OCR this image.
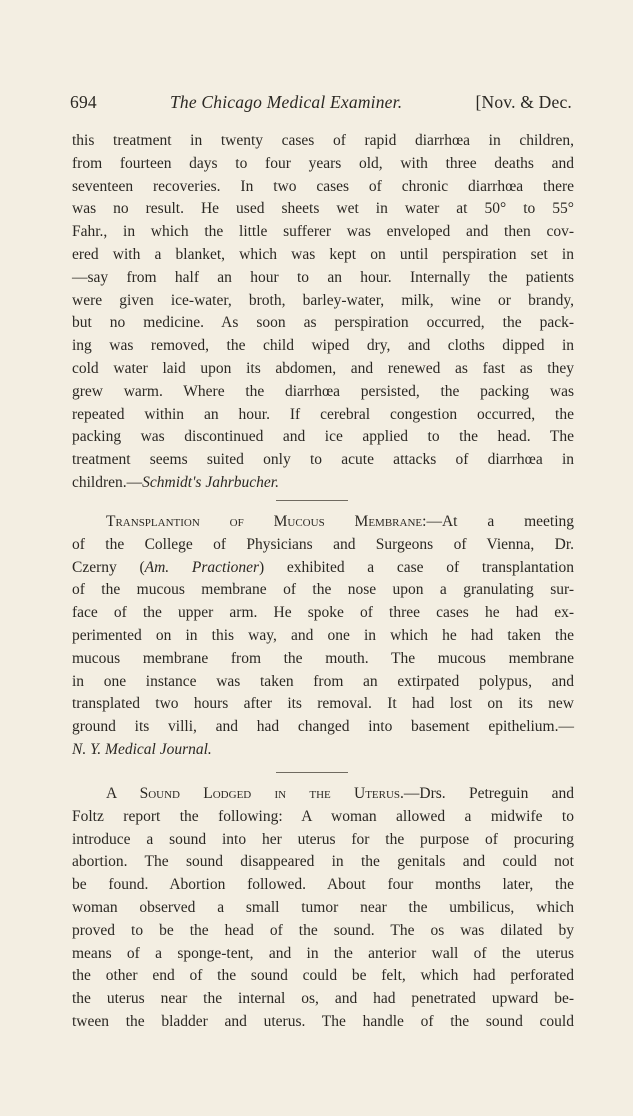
694	The Chicago Medical Examiner.	[Nov. & Dec.
this treatment in twenty cases of rapid diarrhœa in children,
from fourteen days to four years old, with three deaths and
seventeen recoveries. In two cases of chronic diarrhœa there
was no result. He used sheets wet in water at 50° to 55°
Fahr., in which the little sufferer was enveloped and then cov-
ered with a blanket, which was kept on until perspiration set in
—say from half an hour to an hour. Internally the patients
were given ice-water, broth, barley-water, milk, wine or brandy,
but no medicine. As soon as perspiration occurred, the pack-
ing was removed, the child wiped dry, and cloths dipped in
cold water laid upon its abdomen, and renewed as fast as they
grew warm. Where the diarrhœa persisted, the packing was
repeated within an hour. If cerebral congestion occurred, the
packing was discontinued and ice applied to the head. The
treatment seems suited only to acute attacks of diarrhœa in
children.—Schmidt's Jahrbucher.
Transplantion of Mucous Membrane:—At a meeting
of the College of Physicians and Surgeons of Vienna, Dr.
Czerny (Am. Practioner) exhibited a case of transplantation
of the mucous membrane of the nose upon a granulating sur-
face of the upper arm. He spoke of three cases he had ex-
perimented on in this way, and one in which he had taken the
mucous membrane from the mouth. The mucous membrane
in one instance was taken from an extirpated polypus, and
transplated two hours after its removal. It had lost on its new
ground its villi, and had changed into basement epithelium.—
N. Y. Medical Journal.
A Sound Lodged in the Uterus.—Drs. Petreguin and
Foltz report the following: A woman allowed a midwife to
introduce a sound into her uterus for the purpose of procuring
abortion. The sound disappeared in the genitals and could not
be found. Abortion followed. About four months later, the
woman observed a small tumor near the umbilicus, which
proved to be the head of the sound. The os was dilated by
means of a sponge-tent, and in the anterior wall of the uterus
the other end of the sound could be felt, which had perforated
the uterus near the internal os, and had penetrated upward be-
tween the bladder and uterus. The handle of the sound could
